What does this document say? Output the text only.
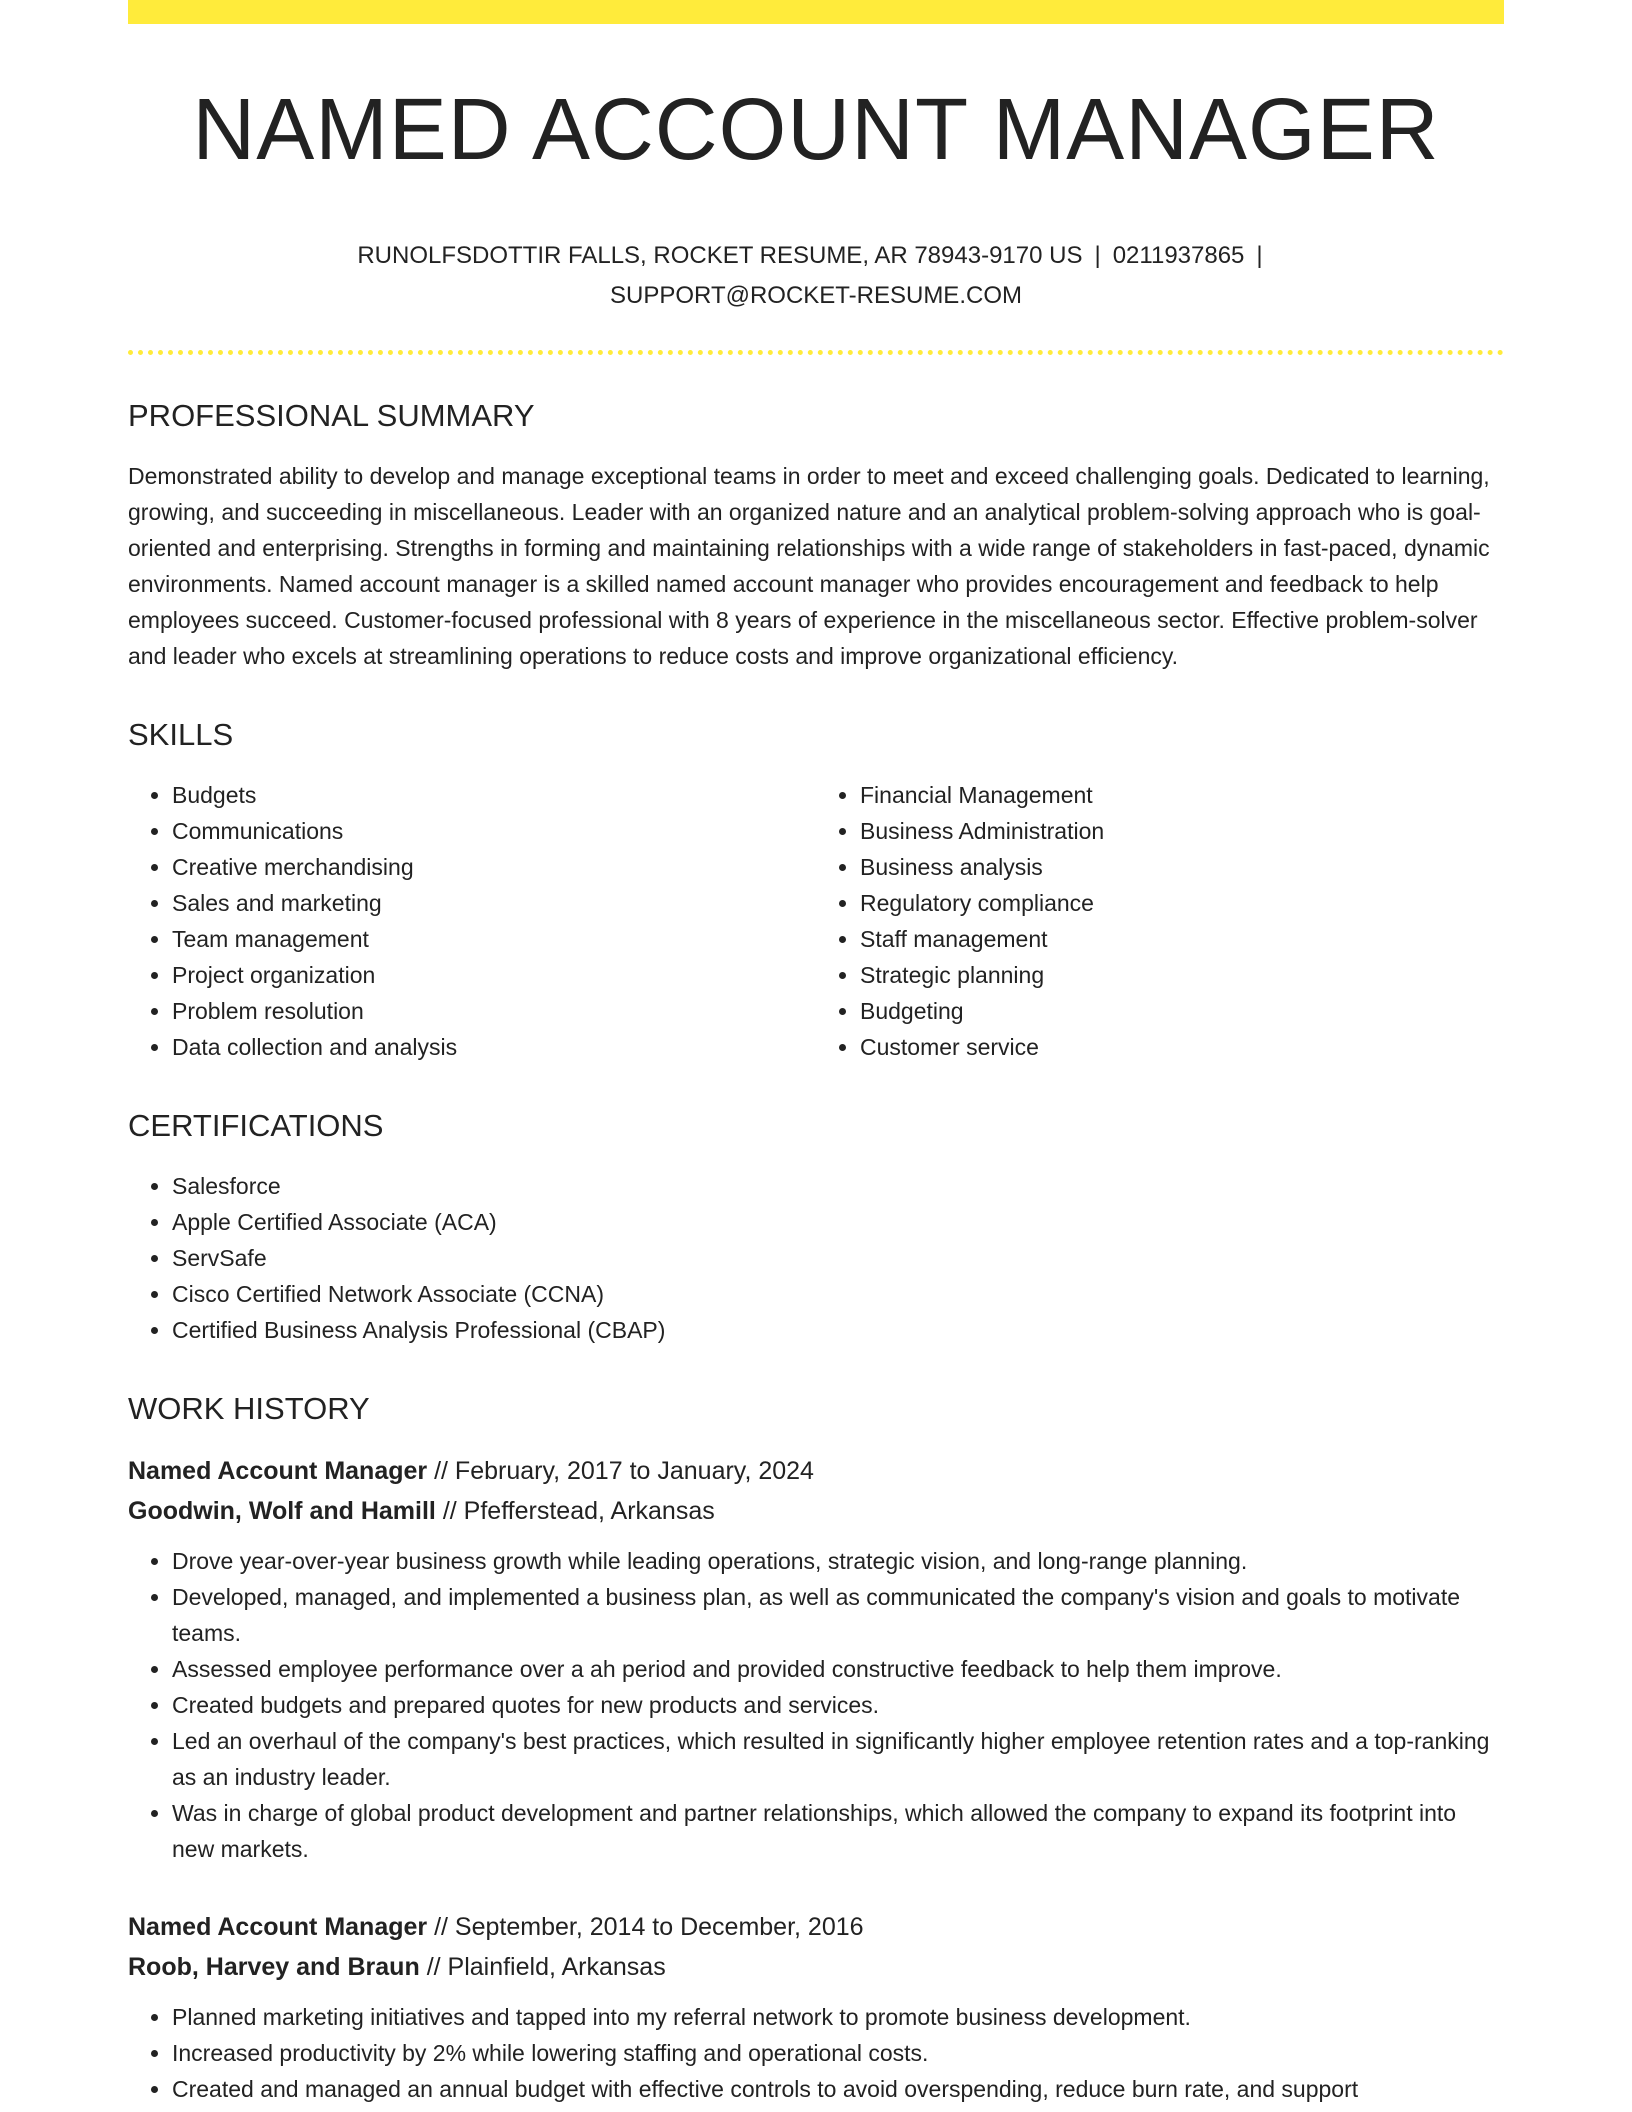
NAMED ACCOUNT MANAGER
RUNOLFSDOTTIR FALLS, ROCKET RESUME, AR 78943-9170 US | 0211937865 |
SUPPORT@ROCKET-RESUME.COM
PROFESSIONAL SUMMARY
Demonstrated ability to develop and manage exceptional teams in order to meet and exceed challenging goals. Dedicated to learning, growing, and succeeding in miscellaneous. Leader with an organized nature and an analytical problem-solving approach who is goal-oriented and enterprising. Strengths in forming and maintaining relationships with a wide range of stakeholders in fast-paced, dynamic environments. Named account manager is a skilled named account manager who provides encouragement and feedback to help employees succeed. Customer-focused professional with 8 years of experience in the miscellaneous sector. Effective problem-solver and leader who excels at streamlining operations to reduce costs and improve organizational efficiency.
SKILLS
• Budgets
• Communications
• Creative merchandising
• Sales and marketing
• Team management
• Project organization
• Problem resolution
• Data collection and analysis
• Financial Management
• Business Administration
• Business analysis
• Regulatory compliance
• Staff management
• Strategic planning
• Budgeting
• Customer service
CERTIFICATIONS
• Salesforce
• Apple Certified Associate (ACA)
• ServSafe
• Cisco Certified Network Associate (CCNA)
• Certified Business Analysis Professional (CBAP)
WORK HISTORY
Named Account Manager // February, 2017 to January, 2024
Goodwin, Wolf and Hamill // Pfefferstead, Arkansas
• Drove year-over-year business growth while leading operations, strategic vision, and long-range planning.
• Developed, managed, and implemented a business plan, as well as communicated the company's vision and goals to motivate teams.
• Assessed employee performance over a ah period and provided constructive feedback to help them improve.
• Created budgets and prepared quotes for new products and services.
• Led an overhaul of the company's best practices, which resulted in significantly higher employee retention rates and a top-ranking as an industry leader.
• Was in charge of global product development and partner relationships, which allowed the company to expand its footprint into new markets.
Named Account Manager // September, 2014 to December, 2016
Roob, Harvey and Braun // Plainfield, Arkansas
• Planned marketing initiatives and tapped into my referral network to promote business development.
• Increased productivity by 2% while lowering staffing and operational costs.
• Created and managed an annual budget with effective controls to avoid overspending, reduce burn rate, and support
